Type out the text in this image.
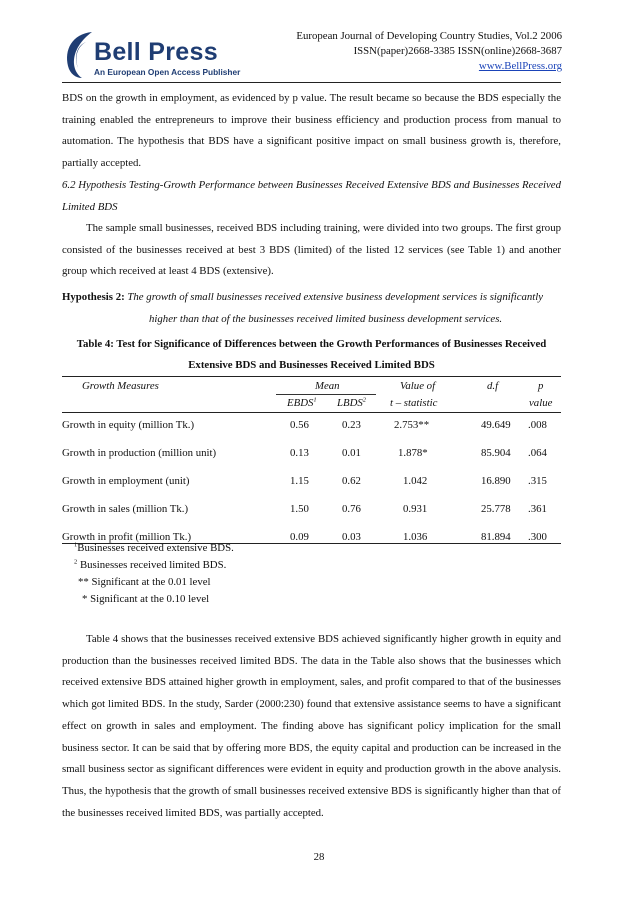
Bell Press
An European Open Access Publisher
European Journal of Developing Country Studies, Vol.2 2006
ISSN(paper)2668-3385 ISSN(online)2668-3687
www.BellPress.org

BDS on the growth in employment, as evidenced by p value. The result became so because the BDS especially the training enabled the entrepreneurs to improve their business efficiency and production process from manual to automation. The hypothesis that BDS have a significant positive impact on small business growth is, therefore, partially accepted.

6.2 Hypothesis Testing-Growth Performance between Businesses Received Extensive BDS and Businesses Received Limited BDS

The sample small businesses, received BDS including training, were divided into two groups. The first group consisted of the businesses received at best 3 BDS (limited) of the listed 12 services (see Table 1) and another group which received at least 4 BDS (extensive).

Hypothesis 2: The growth of small businesses received extensive business development services is significantly
higher than that of the businesses received limited business development services.
Table 4: Test for Significance of Differences between the Growth Performances of Businesses Received
Extensive BDS and Businesses Received Limited BDS
Growth Measures	Mean
EBDS$^1$ LBDS$^2$
Value of
t – statistic
d.f	p
value
Growth in equity (million Tk.)	0.56	0.23	2.753**	49.649 .008
Growth in production (million unit)	0.13	0.01	1.878*	85.904 .064
Growth in employment (unit)	1.15	0.62	1.042	16.890 .315
Growth in sales (million Tk.)	1.50	0.76	0.931	25.778 .361
Growth in profit (million Tk.)	0.09	0.03	1.036	81.894 .300
$^1$Businesses received extensive BDS.
$^2$ Businesses received limited BDS.
** Significant at the 0.01 level
* Significant at the 0.10 level

Table 4 shows that the businesses received extensive BDS achieved significantly higher growth in equity and production than the businesses received limited BDS. The data in the Table also shows that the businesses which received extensive BDS attained higher growth in employment, sales, and profit compared to that of the businesses which got limited BDS. In the study, Sarder (2000:230) found that extensive assistance seems to have a significant effect on growth in sales and employment. The finding above has significant policy implication for the small business sector. It can be said that by offering more BDS, the equity capital and production can be increased in the small business sector as significant differences were evident in equity and production growth in the above analysis. Thus, the hypothesis that the growth of small businesses received extensive BDS is significantly higher than that of the businesses received limited BDS, was partially accepted.

28
